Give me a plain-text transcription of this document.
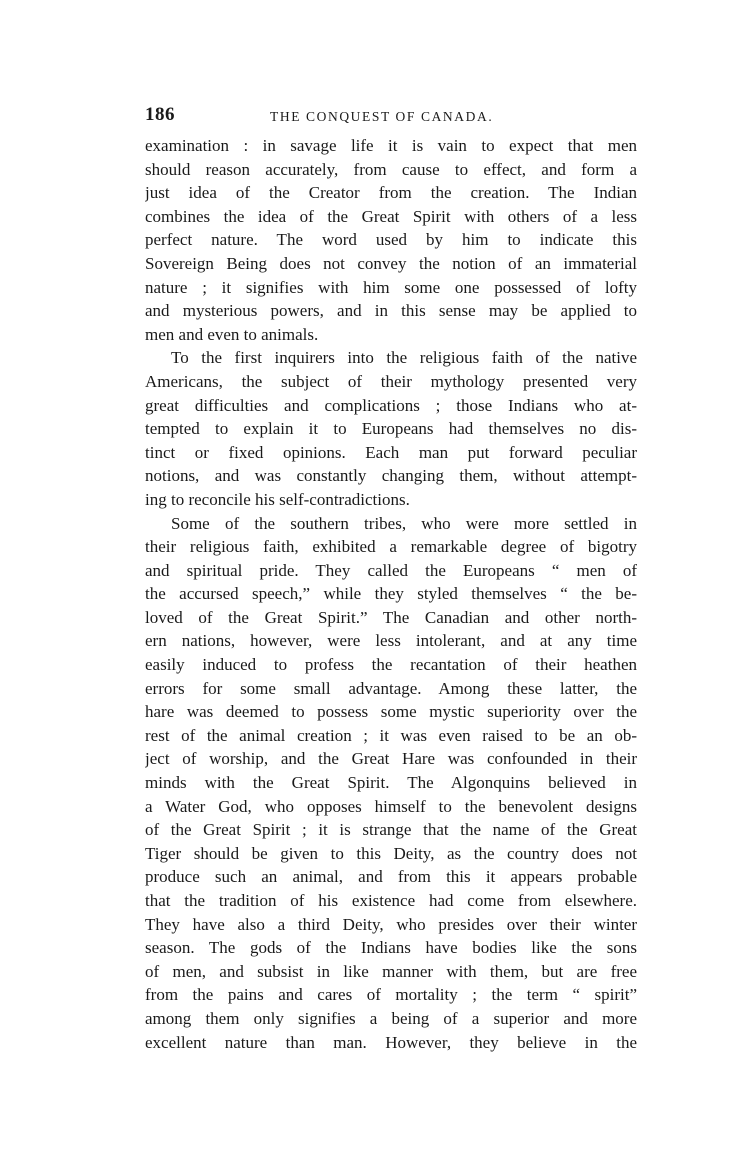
186	THE CONQUEST OF CANADA.
examination : in savage life it is vain to expect that men
should reason accurately, from cause to effect, and form a
just idea of the Creator from the creation. The Indian
combines the idea of the Great Spirit with others of a less
perfect nature. The word used by him to indicate this
Sovereign Being does not convey the notion of an immaterial
nature ; it signifies with him some one possessed of lofty
and mysterious powers, and in this sense may be applied to
men and even to animals.
To the first inquirers into the religious faith of the native
Americans, the subject of their mythology presented very
great difficulties and complications ; those Indians who at-
tempted to explain it to Europeans had themselves no dis-
tinct or fixed opinions. Each man put forward peculiar
notions, and was constantly changing them, without attempt-
ing to reconcile his self-contradictions.
Some of the southern tribes, who were more settled in
their religious faith, exhibited a remarkable degree of bigotry
and spiritual pride. They called the Europeans “ men of
the accursed speech,” while they styled themselves “ the be-
loved of the Great Spirit.” The Canadian and other north-
ern nations, however, were less intolerant, and at any time
easily induced to profess the recantation of their heathen
errors for some small advantage. Among these latter, the
hare was deemed to possess some mystic superiority over the
rest of the animal creation ; it was even raised to be an ob-
ject of worship, and the Great Hare was confounded in their
minds with the Great Spirit. The Algonquins believed in
a Water God, who opposes himself to the benevolent designs
of the Great Spirit ; it is strange that the name of the Great
Tiger should be given to this Deity, as the country does not
produce such an animal, and from this it appears probable
that the tradition of his existence had come from elsewhere.
They have also a third Deity, who presides over their winter
season. The gods of the Indians have bodies like the sons
of men, and subsist in like manner with them, but are free
from the pains and cares of mortality ; the term “ spirit”
among them only signifies a being of a superior and more
excellent nature than man. However, they believe in the
